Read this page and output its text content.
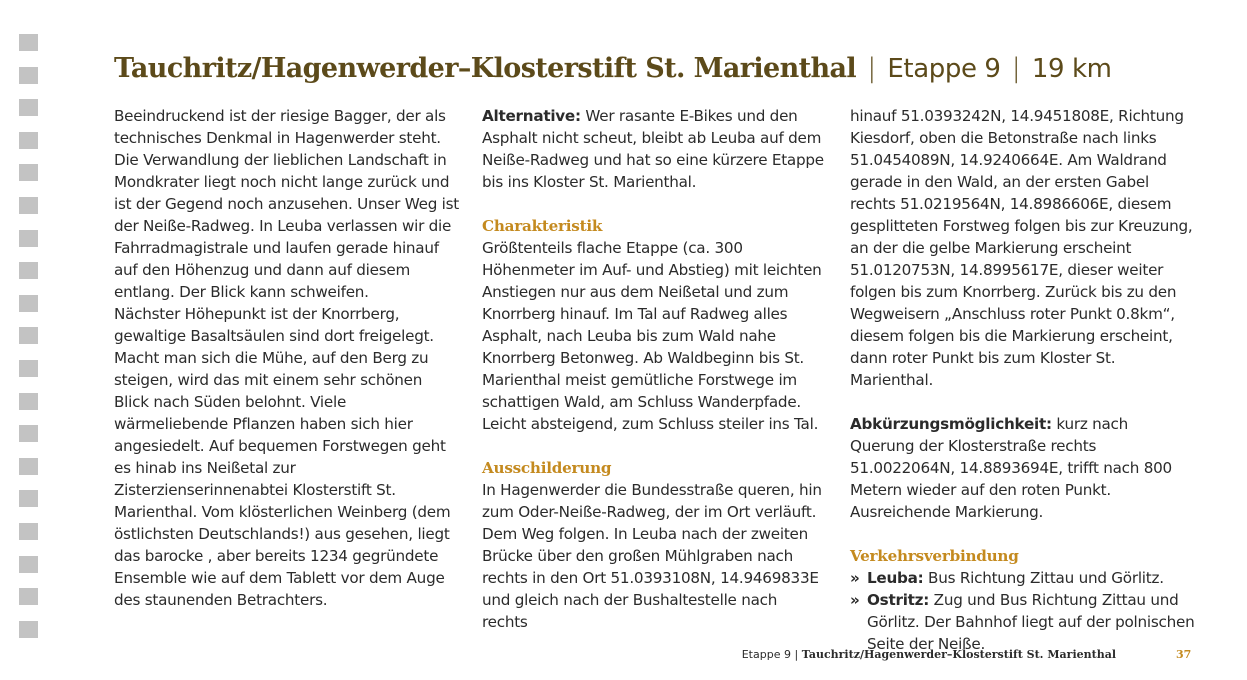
Tauchritz/Hagenwerder–Klosterstift St. Marienthal | Etappe 9 | 19 km

Beeindruckend ist der riesige Bagger, der als technisches Denkmal in Hagenwerder steht. Die Verwandlung der lieblichen Landschaft in Mondkrater liegt noch nicht lange zurück und ist der Gegend noch anzusehen. Unser Weg ist der Neiße-Radweg. In Leuba verlassen wir die Fahrradmagistrale und laufen gerade hinauf auf den Höhenzug und dann auf diesem entlang. Der Blick kann schweifen.

Nächster Höhepunkt ist der Knorrberg, gewaltige Basaltsäulen sind dort freigelegt. Macht man sich die Mühe, auf den Berg zu steigen, wird das mit einem sehr schönen Blick nach Süden belohnt. Viele wärmeliebende Pflanzen haben sich hier angesiedelt. Auf bequemen Forstwegen geht es hinab ins Neißetal zur Zisterzienserinnenabtei Klosterstift St. Marienthal. Vom klösterlichen Weinberg (dem östlichsten Deutschlands!) aus gesehen, liegt das barocke , aber bereits 1234 gegründete Ensemble wie auf dem Tablett vor dem Auge des staunenden Betrachters.

Alternative: Wer rasante E-Bikes und den Asphalt nicht scheut, bleibt ab Leuba auf dem Neiße-Radweg und hat so eine kürzere Etappe bis ins Kloster St. Marienthal.

Charakteristik

Größtenteils flache Etappe (ca. 300 Höhenmeter im Auf- und Abstieg) mit leichten Anstiegen nur aus dem Neißetal und zum Knorrberg hinauf. Im Tal auf Radweg alles Asphalt, nach Leuba bis zum Wald nahe Knorrberg Betonweg. Ab Waldbeginn bis St. Marienthal meist gemütliche Forstwege im schattigen Wald, am Schluss Wanderpfade. Leicht absteigend, zum Schluss steiler ins Tal.

Ausschilderung

In Hagenwerder die Bundesstraße queren, hin zum Oder-Neiße-Radweg, der im Ort verläuft. Dem Weg folgen. In Leuba nach der zweiten Brücke über den großen Mühlgraben nach rechts in den Ort 51.0393108N, 14.9469833E und gleich nach der Bushaltestelle nach rechts

hinauf 51.0393242N, 14.9451808E, Richtung Kiesdorf, oben die Betonstraße nach links 51.0454089N, 14.9240664E. Am Waldrand gerade in den Wald, an der ersten Gabel rechts 51.0219564N, 14.8986606E, diesem gesplitteten Forstweg folgen bis zur Kreuzung, an der die gelbe Markierung erscheint 51.0120753N, 14.8995617E, dieser weiter folgen bis zum Knorrberg. Zurück bis zu den Wegweisern „Anschluss roter Punkt 0.8km“, diesem folgen bis die Markierung erscheint, dann roter Punkt bis zum Kloster St. Marienthal.

Abkürzungsmöglichkeit: kurz nach Querung der Klosterstraße rechts 51.0022064N, 14.8893694E, trifft nach 800 Metern wieder auf den roten Punkt. Ausreichende Markierung.

Verkehrsverbindung

» Leuba: Bus Richtung Zittau und Görlitz.
» Ostritz: Zug und Bus Richtung Zittau und Görlitz. Der Bahnhof liegt auf der polnischen Seite der Neiße.
Etappe 9 | Tauchritz/Hagenwerder–Klosterstift St. Marienthal	37
